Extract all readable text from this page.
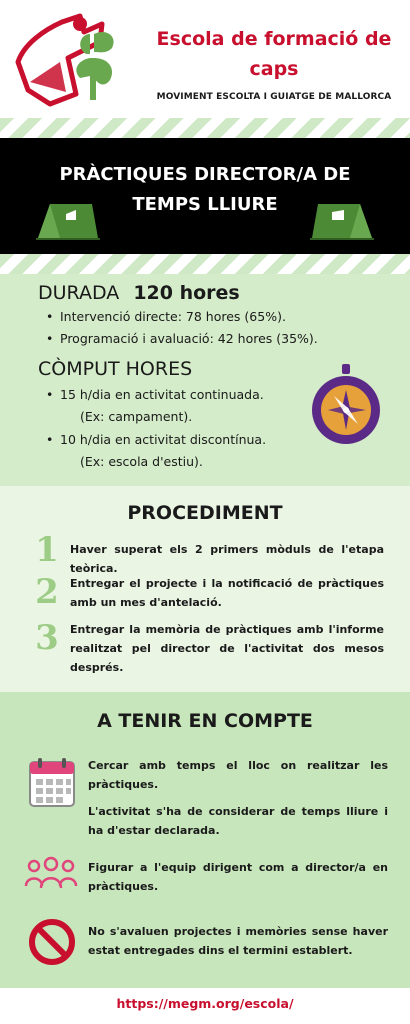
Escola de formació de
caps
MOVIMENT ESCOLTA I GUIATGE DE MALLORCA
PRÀCTIQUES DIRECTOR/A DE
TEMPS LLIURE
DURADA 120 hores
• Intervenció directe: 78 hores (65%).
• Programació i avaluació: 42 hores (35%).
CÒMPUT HORES
• 15 h/dia en activitat continuada.
(Ex: campament).
• 10 h/dia en activitat discontínua.
(Ex: escola d'estiu).
PROCEDIMENT
1 Haver superat els 2 primers mòduls de l'etapa teòrica.
2 Entregar el projecte i la notificació de pràctiques amb un mes d'antelació.
3 Entregar la memòria de pràctiques amb l'informe realitzat pel director de l'activitat dos mesos després.
A TENIR EN COMPTE
Cercar amb temps el lloc on realitzar les pràctiques.
L'activitat s'ha de considerar de temps lliure i ha d'estar declarada.
Figurar a l'equip dirigent com a director/a en pràctiques.
No s'avaluen projectes i memòries sense haver estat entregades dins el termini establert.
https://megm.org/escola/
